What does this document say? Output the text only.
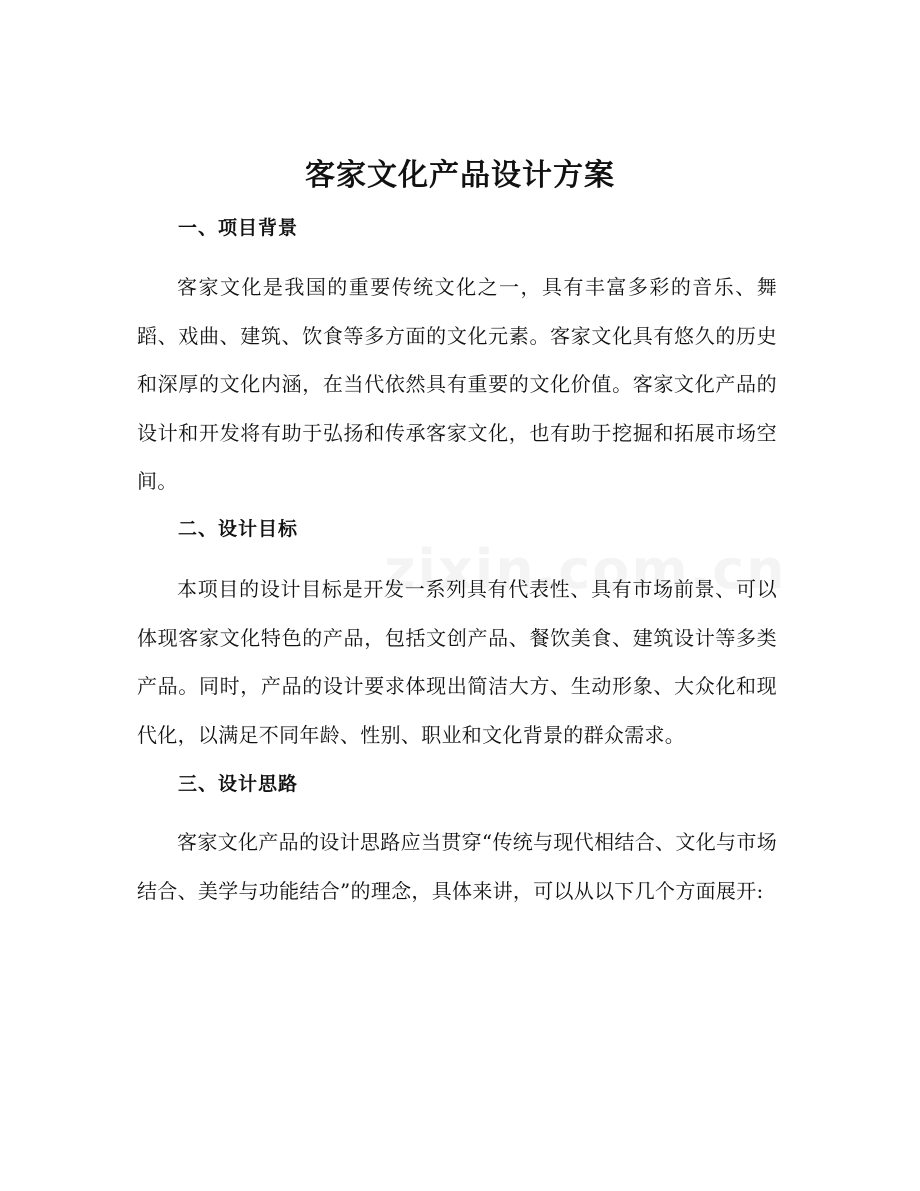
客家文化产品设计方案
一、项目背景
客家文化是我国的重要传统文化之一，具有丰富多彩的音乐、舞蹈、戏曲、建筑、饮食等多方面的文化元素。客家文化具有悠久的历史和深厚的文化内涵，在当代依然具有重要的文化价值。客家文化产品的设计和开发将有助于弘扬和传承客家文化，也有助于挖掘和拓展市场空间。
二、设计目标
本项目的设计目标是开发一系列具有代表性、具有市场前景、可以体现客家文化特色的产品，包括文创产品、餐饮美食、建筑设计等多类产品。同时，产品的设计要求体现出简洁大方、生动形象、大众化和现代化，以满足不同年龄、性别、职业和文化背景的群众需求。
三、设计思路
客家文化产品的设计思路应当贯穿“传统与现代相结合、文化与市场结合、美学与功能结合”的理念，具体来讲，可以从以下几个方面展开:
